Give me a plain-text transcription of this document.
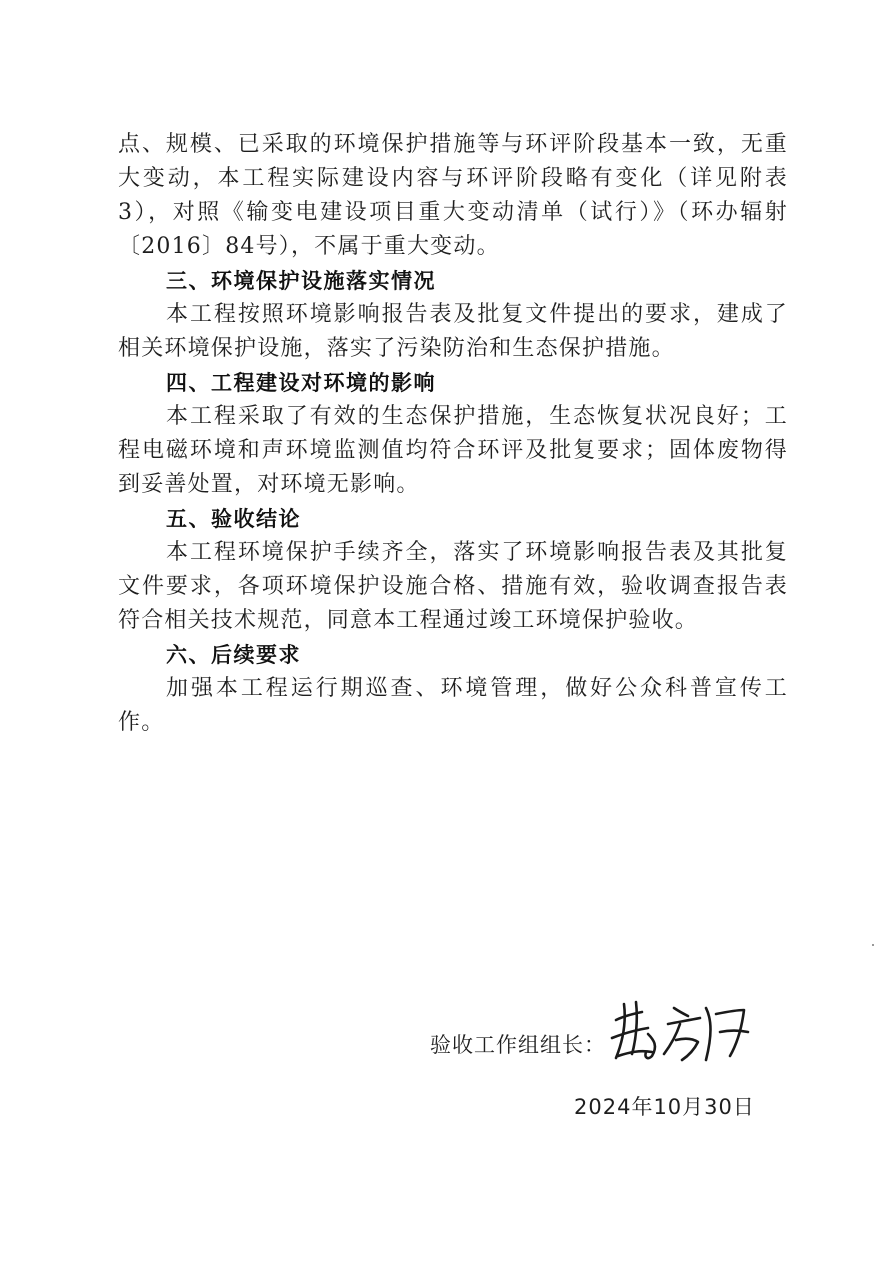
点、规模、已采取的环境保护措施等与环评阶段基本一致，无重大变动，本工程实际建设内容与环评阶段略有变化（详见附表3），对照《输变电建设项目重大变动清单（试行）》（环办辐射〔2016〕84号），不属于重大变动。

三、环境保护设施落实情况

本工程按照环境影响报告表及批复文件提出的要求，建成了相关环境保护设施，落实了污染防治和生态保护措施。

四、工程建设对环境的影响

本工程采取了有效的生态保护措施，生态恢复状况良好；工程电磁环境和声环境监测值均符合环评及批复要求；固体废物得到妥善处置，对环境无影响。

五、验收结论

本工程环境保护手续齐全，落实了环境影响报告表及其批复文件要求，各项环境保护设施合格、措施有效，验收调查报告表符合相关技术规范，同意本工程通过竣工环境保护验收。

六、后续要求

加强本工程运行期巡查、环境管理，做好公众科普宣传工作。

验收工作组组长：
2024年10月30日
